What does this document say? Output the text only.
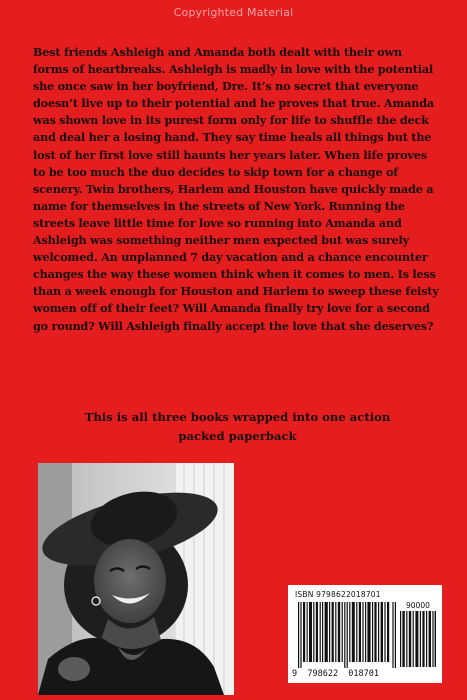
Copyrighted Material

Best friends Ashleigh and Amanda both dealt with their own forms of heartbreaks. Ashleigh is madly in love with the potential she once saw in her boyfriend, Dre. It’s no secret that everyone doesn’t live up to their potential and he proves that true. Amanda was shown love in its purest form only for life to shuffle the deck and deal her a losing hand. They say time heals all things but the lost of her first love still haunts her years later. When life proves to be too much the duo decides to skip town for a change of scenery. Twin brothers, Harlem and Houston have quickly made a name for themselves in the streets of New York. Running the streets leave little time for love so running into Amanda and Ashleigh was something neither men expected but was surely welcomed. An unplanned 7 day vacation and a chance encounter changes the way these women think when it comes to men. Is less than a week enough for Houston and Harlem to sweep these feisty women off of their feet? Will Amanda finally try love for a second go round? Will Ashleigh finally accept the love that she deserves?

This is all three books wrapped into one action packed paperback

ISBN 9798622018701
90000
9  798622  018701
